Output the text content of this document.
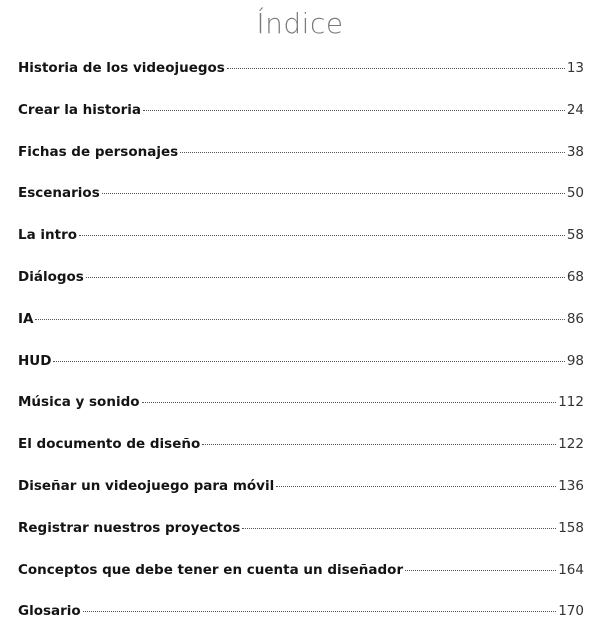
Índice
Historia de los videojuegos	13
Crear la historia	24
Fichas de personajes	38
Escenarios	50
La intro	58
Diálogos	68
IA	86
HUD	98
Música y sonido	112
El documento de diseño	122
Diseñar un videojuego para móvil	136
Registrar nuestros proyectos	158
Conceptos que debe tener en cuenta un diseñador	164
Glosario	170
